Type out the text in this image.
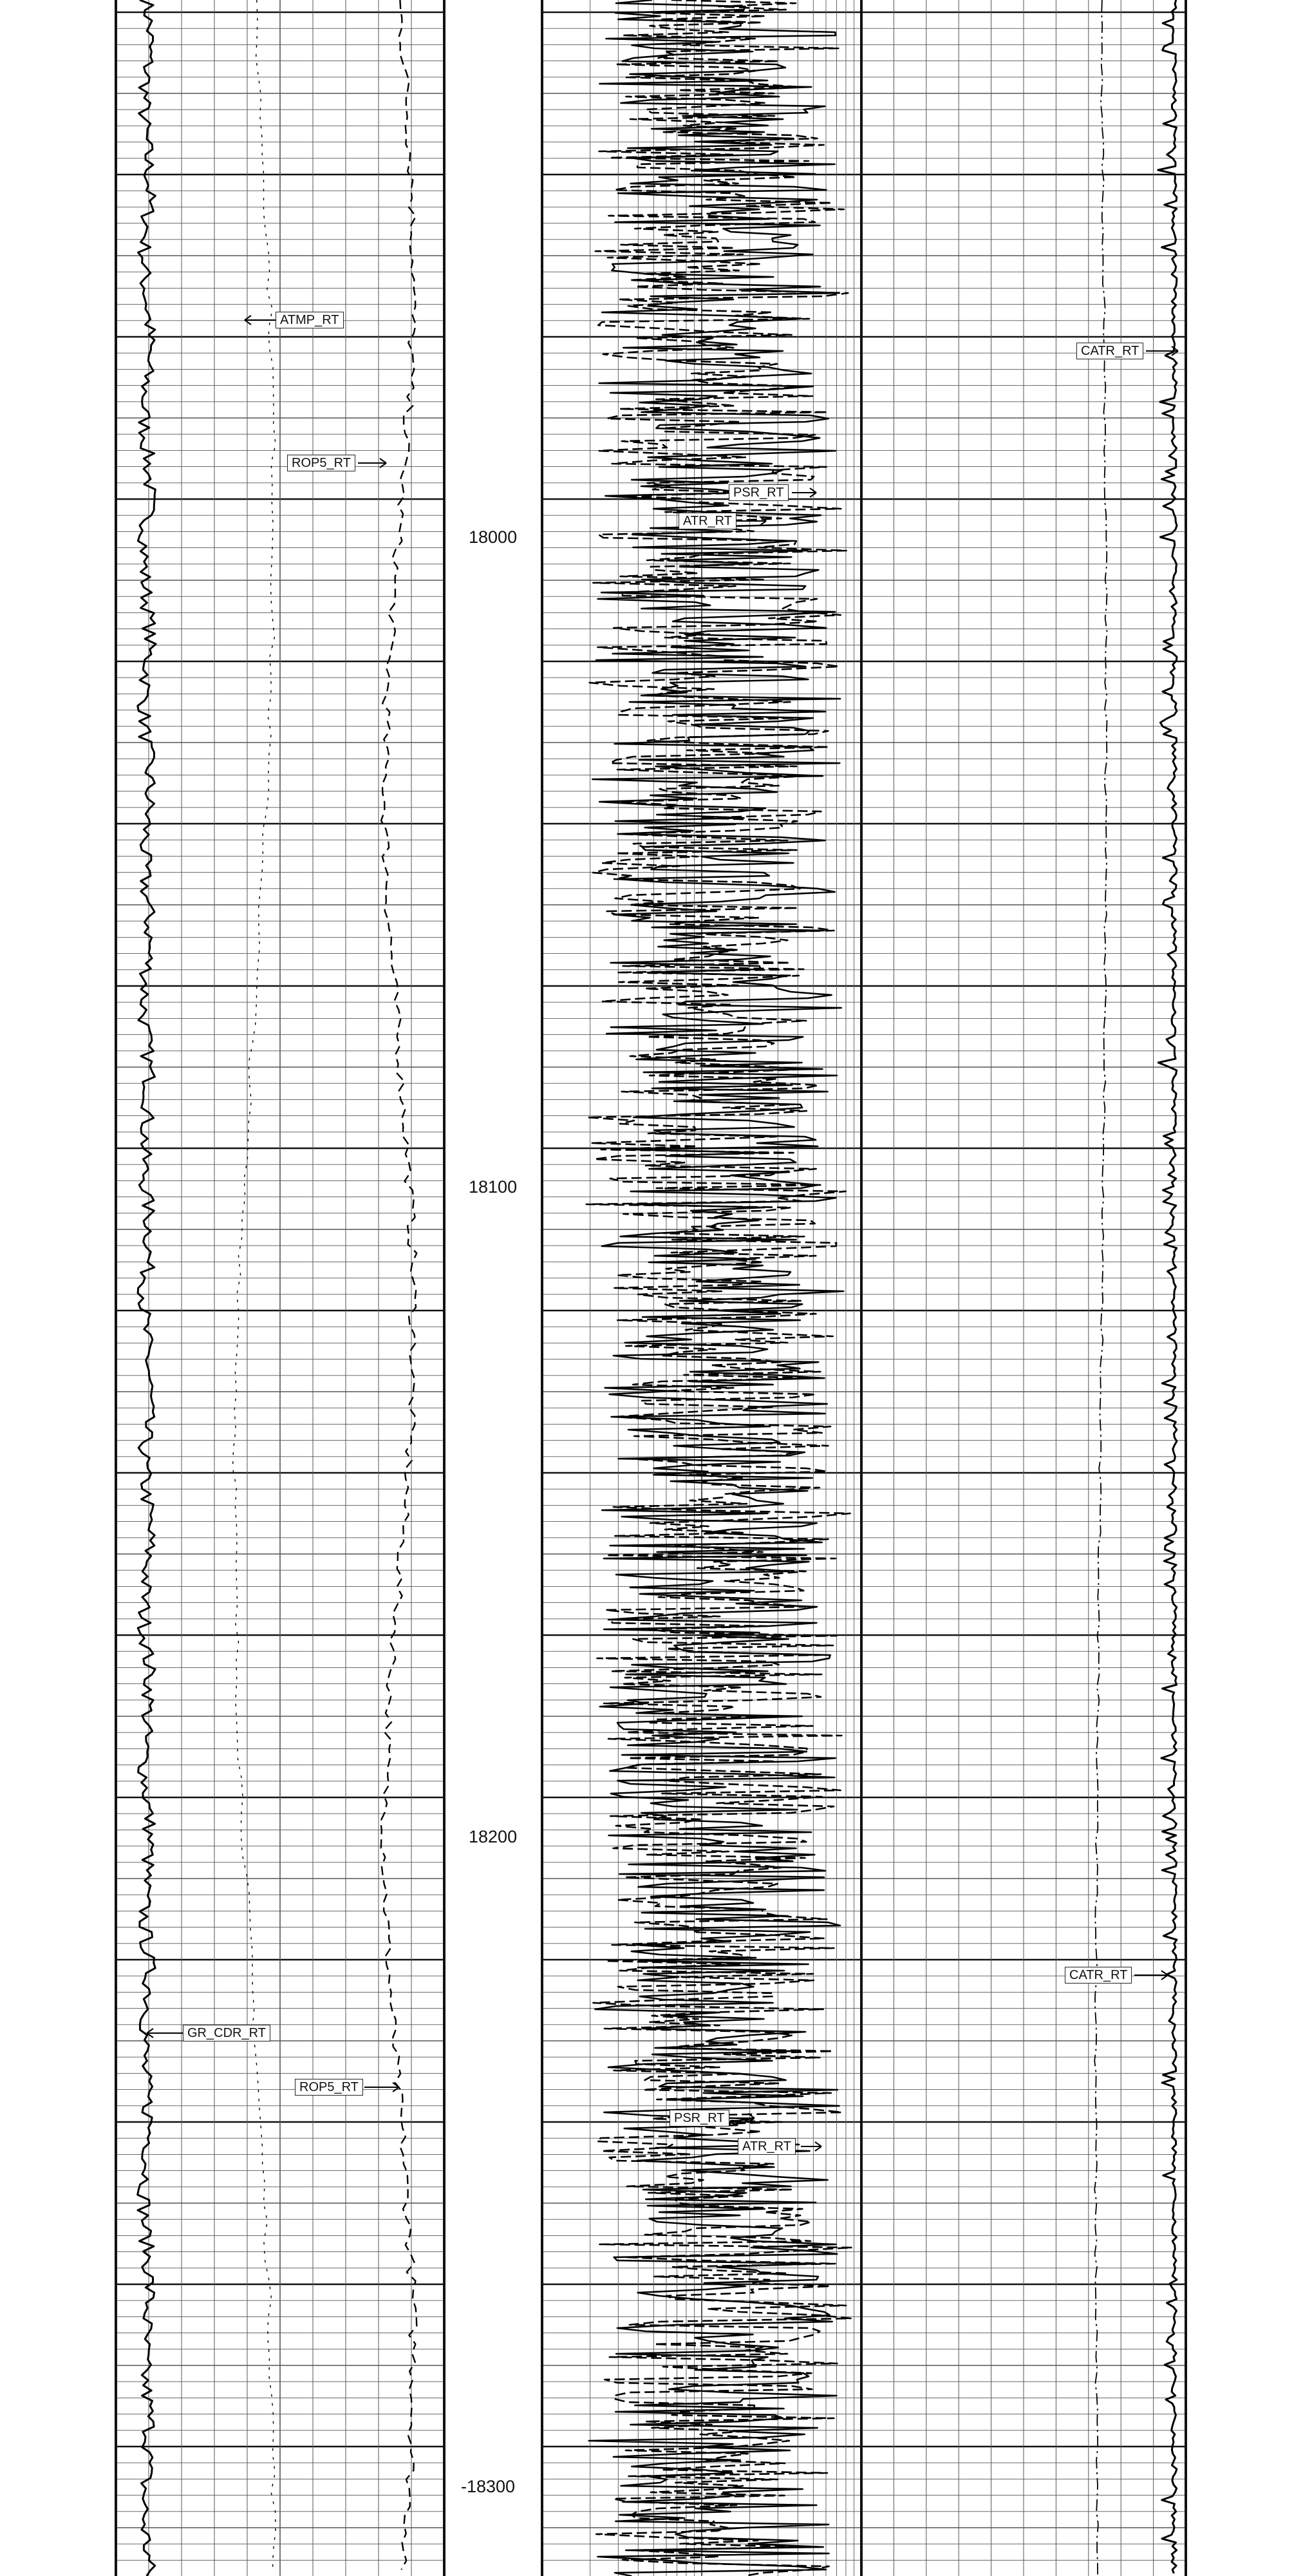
18000
18100
18200
-18300
ATMP_RT
ROP5_RT
CATR_RT
PSR_RT
ATR_RT
GR_CDR_RT
ROP5_RT
CATR_RT
PSR_RT
ATR_RT
